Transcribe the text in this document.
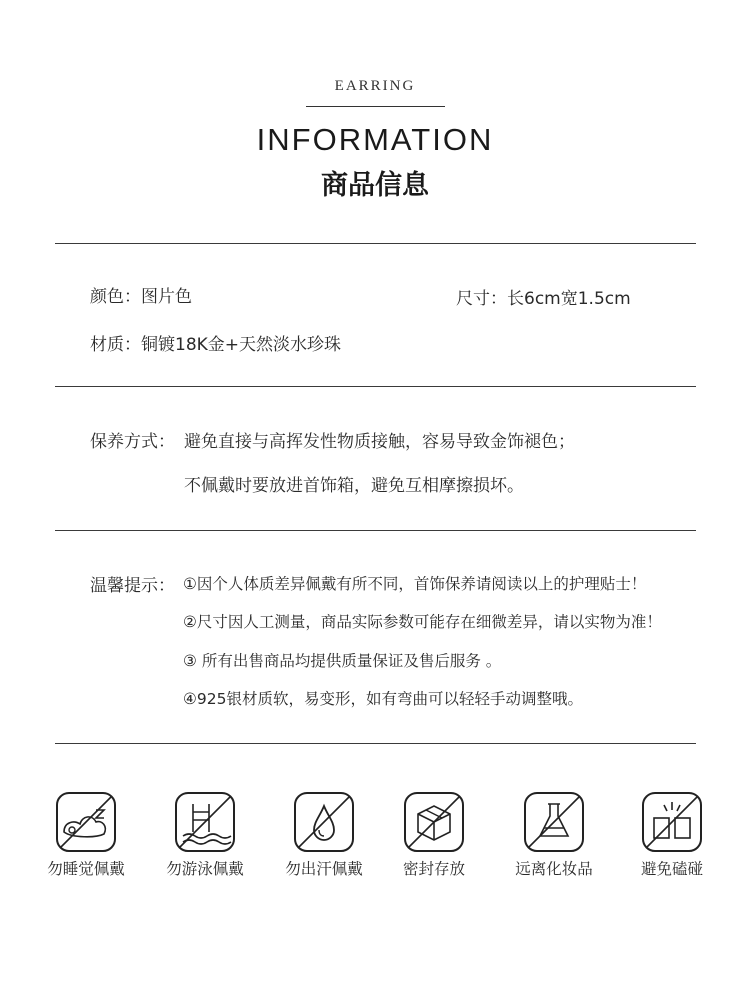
EARRING
INFORMATION
商品信息
颜色：图片色	尺寸：长6cm宽1.5cm
材质：铜镀18K金+天然淡水珍珠
保养方式： 避免直接与高挥发性物质接触，容易导致金饰褪色；
不佩戴时要放进首饰箱，避免互相摩擦损坏。
温馨提示： ①因个人体质差异佩戴有所不同，首饰保养请阅读以上的护理贴士！
②尺寸因人工测量，商品实际参数可能存在细微差异，请以实物为准！
③ 所有出售商品均提供质量保证及售后服务 。
④925银材质软，易变形，如有弯曲可以轻轻手动调整哦。
勿睡觉佩戴	勿游泳佩戴	勿出汗佩戴	密封存放	远离化妆品	避免磕碰
